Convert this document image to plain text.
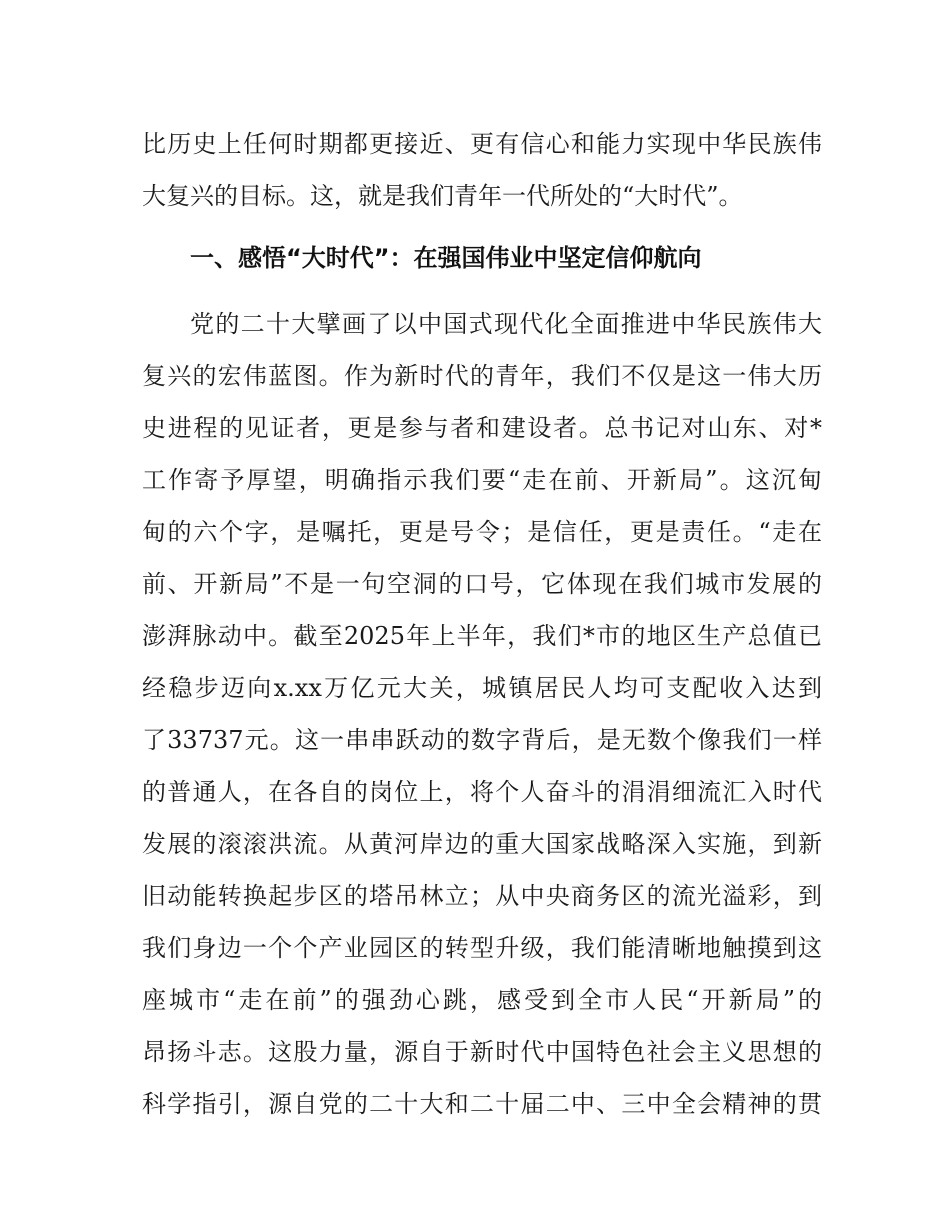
比历史上任何时期都更接近、更有信心和能力实现中华民族伟
大复兴的目标。这，就是我们青年一代所处的“大时代”。
一、感悟“大时代”：在强国伟业中坚定信仰航向
党的二十大擘画了以中国式现代化全面推进中华民族伟大
复兴的宏伟蓝图。作为新时代的青年，我们不仅是这一伟大历
史进程的见证者，更是参与者和建设者。总书记对山东、对*
工作寄予厚望，明确指示我们要“走在前、开新局”。这沉甸
甸的六个字，是嘱托，更是号令；是信任，更是责任。“走在
前、开新局”不是一句空洞的口号，它体现在我们城市发展的
澎湃脉动中。截至2025年上半年，我们*市的地区生产总值已
经稳步迈向x.xx万亿元大关，城镇居民人均可支配收入达到
了33737元。这一串串跃动的数字背后，是无数个像我们一样
的普通人，在各自的岗位上，将个人奋斗的涓涓细流汇入时代
发展的滚滚洪流。从黄河岸边的重大国家战略深入实施，到新
旧动能转换起步区的塔吊林立；从中央商务区的流光溢彩，到
我们身边一个个产业园区的转型升级，我们能清晰地触摸到这
座城市“走在前”的强劲心跳，感受到全市人民“开新局”的
昂扬斗志。这股力量，源自于新时代中国特色社会主义思想的
科学指引，源自党的二十大和二十届二中、三中全会精神的贯
